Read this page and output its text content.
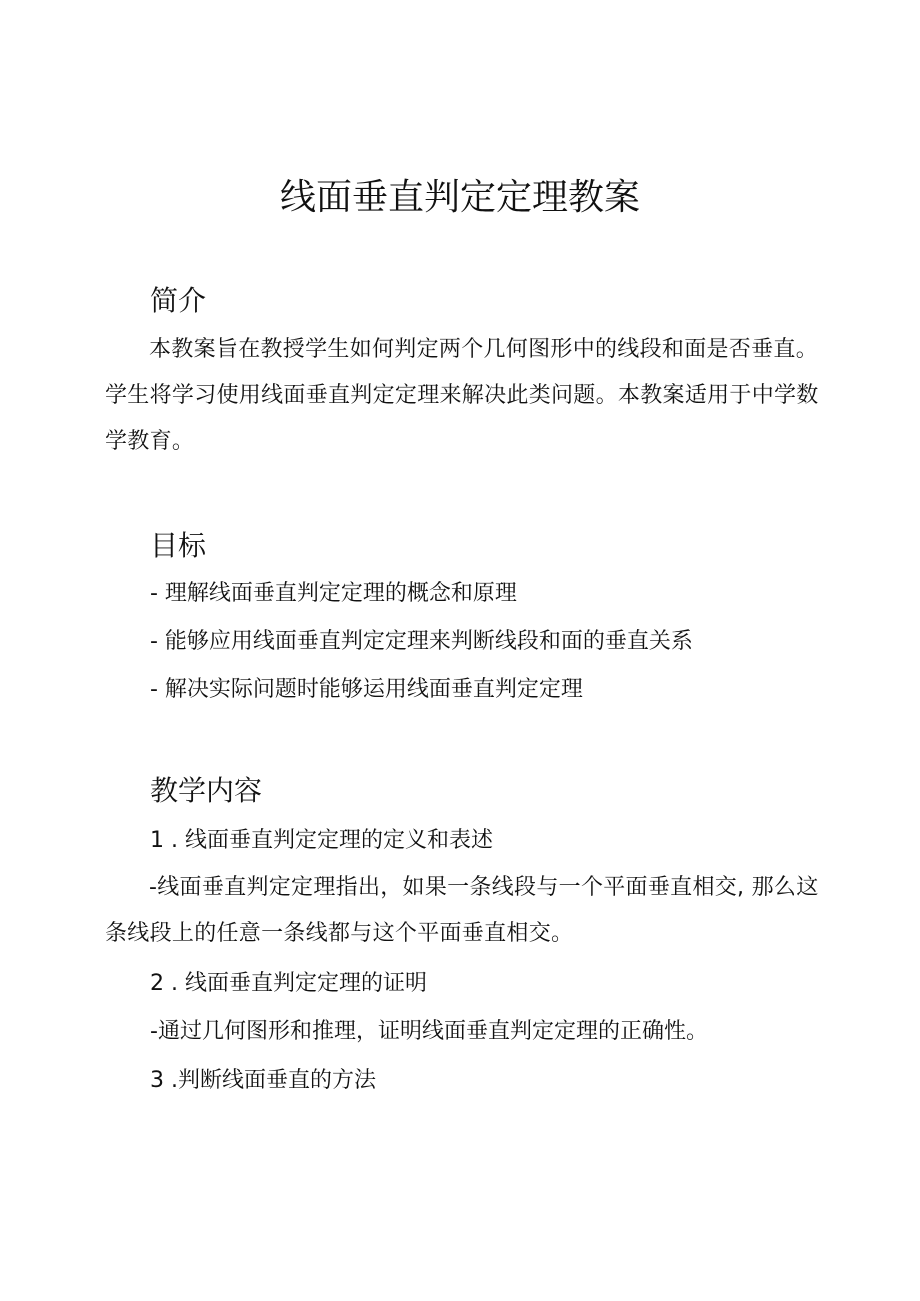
线面垂直判定定理教案
简介

本教案旨在教授学生如何判定两个几何图形中的线段和面是否垂直。学生将学习使用线面垂直判定定理来解决此类问题。本教案适用于中学数学教育。

目标
- 理解线面垂直判定定理的概念和原理
- 能够应用线面垂直判定定理来判断线段和面的垂直关系
- 解决实际问题时能够运用线面垂直判定定理
教学内容
1 . 线面垂直判定定理的定义和表述

-线面垂直判定定理指出，如果一条线段与一个平面垂直相交, 那么这条线段上的任意一条线都与这个平面垂直相交。

2 . 线面垂直判定定理的证明
-通过几何图形和推理，证明线面垂直判定定理的正确性。
3 .判断线面垂直的方法
